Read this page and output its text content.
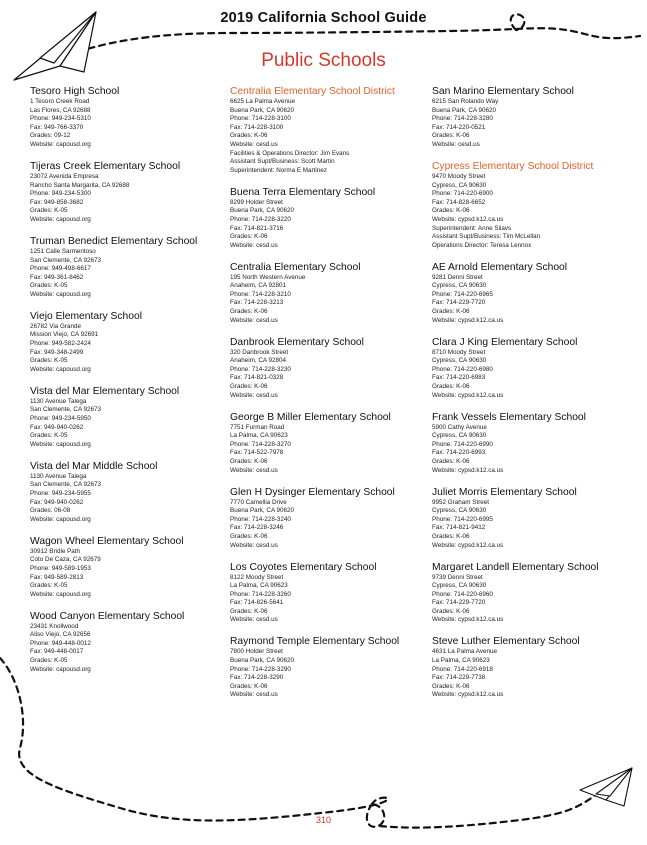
2019 California School Guide
Public Schools
Tesoro High School
1 Tesoro Creek Road
Las Flores, CA 92688
Phone: 949-234-5310
Fax: 949-766-3370
Grades: 09-12
Website: capousd.org
Tijeras Creek Elementary School
23072 Avenida Empresa
Rancho Santa Margarita, CA 92688
Phone: 949-234-5300
Fax: 949-858-3682
Grades: K-05
Website: capousd.org
Truman Benedict Elementary School
1251 Calle Sarmentoso
San Clemente, CA 92673
Phone: 949-498-6617
Fax: 949-361-8462
Grades: K-05
Website: capousd.org
Viejo Elementary School
26782 Via Grande
Mission Viejo, CA 92691
Phone: 949-582-2424
Fax: 949-348-2499
Grades: K-05
Website: capousd.org
Vista del Mar Elementary School
1130 Avenue Talega
San Clemente, CA 92673
Phone: 949-234-5950
Fax: 949-940-0262
Grades: K-05
Website: capousd.org
Vista del Mar Middle School
1130 Avenue Talega
San Clemente, CA 92673
Phone: 949-234-5955
Fax: 949-940-0262
Grades: 06-08
Website: capousd.org
Wagon Wheel Elementary School
30912 Bridle Path
Coto De Caza, CA 92679
Phone: 949-589-1953
Fax: 949-589-2813
Grades: K-05
Website: capousd.org
Wood Canyon Elementary School
23431 Knollwood
Aliso Viejo, CA 92656
Phone: 949-448-0012
Fax: 949-448-0017
Grades: K-05
Website: capousd.org
Centralia Elementary School District
6625 La Palma Avenue
Buena Park, CA 90620
Phone: 714-228-3100
Fax: 714-228-3100
Grades: K-06
Website: cesd.us
Facilities & Operations Director: Jim Evans
Assistant Supt/Business: Scott Martin
Superintendent: Norma E Martinez
Buena Terra Elementary School
8299 Holder Street
Buena Park, CA 90620
Phone: 714-228-3220
Fax: 714-821-3716
Grades: K-06
Website: cesd.us
Centralia Elementary School
195 North Western Avenue
Anaheim, CA 92801
Phone: 714-228-3210
Fax: 714-228-3213
Grades: K-06
Website: cesd.us
Danbrook Elementary School
320 Danbrook Street
Anaheim, CA 92804
Phone: 714-228-3230
Fax: 714-821-0328
Grades: K-06
Website: cesd.us
George B Miller Elementary School
7751 Furman Road
La Palma, CA 90623
Phone: 714-228-3270
Fax: 714-522-7978
Grades: K-06
Website: cesd.us
Glen H Dysinger Elementary School
7770 Camellia Drive
Buena Park, CA 90620
Phone: 714-228-3240
Fax: 714-228-3246
Grades: K-06
Website: cesd.us
Los Coyotes Elementary School
8122 Moody Street
La Palma, CA 90623
Phone: 714-228-3260
Fax: 714-826-5641
Grades: K-06
Website: cesd.us
Raymond Temple Elementary School
7800 Holder Street
Buena Park, CA 90620
Phone: 714-228-3290
Fax: 714-228-3290
Grades: K-06
Website: cesd.us
San Marino Elementary School
6215 San Rolando Way
Buena Park, CA 90620
Phone: 714-228-3280
Fax: 714-220-0521
Grades: K-06
Website: cesd.us
Cypress Elementary School District
9470 Moody Street
Cypress, CA 90630
Phone: 714-220-6900
Fax: 714-828-6652
Grades: K-06
Website: cypsd.k12.ca.us
Superintendent: Anne Silavs
Assistant Supt/Business: Tim McLellan
Operations Director: Teresa Lennox
AE Arnold Elementary School
9281 Denni Street
Cypress, CA 90630
Phone: 714-220-6965
Fax: 714-229-7720
Grades: K-06
Website: cypsd.k12.ca.us
Clara J King Elementary School
8710 Moody Street
Cypress, CA 90630
Phone: 714-220-6980
Fax: 714-220-6983
Grades: K-06
Website: cypsd.k12.ca.us
Frank Vessels Elementary School
5900 Cathy Avenue
Cypress, CA 90630
Phone: 714-220-6990
Fax: 714-220-6993
Grades: K-06
Website: cypsd.k12.ca.us
Juliet Morris Elementary School
9952 Graham Street
Cypress, CA 90630
Phone: 714-220-6995
Fax: 714-821-9412
Grades: K-06
Website: cypsd.k12.ca.us
Margaret Landell Elementary School
9739 Denni Street
Cypress, CA 90630
Phone: 714-220-6960
Fax: 714-229-7720
Grades: K-06
Website: cypsd.k12.ca.us
Steve Luther Elementary School
4631 La Palma Avenue
La Palma, CA 90623
Phone: 714-220-6918
Fax: 714-229-7738
Grades: K-06
Website: cypsd.k12.ca.us
310
